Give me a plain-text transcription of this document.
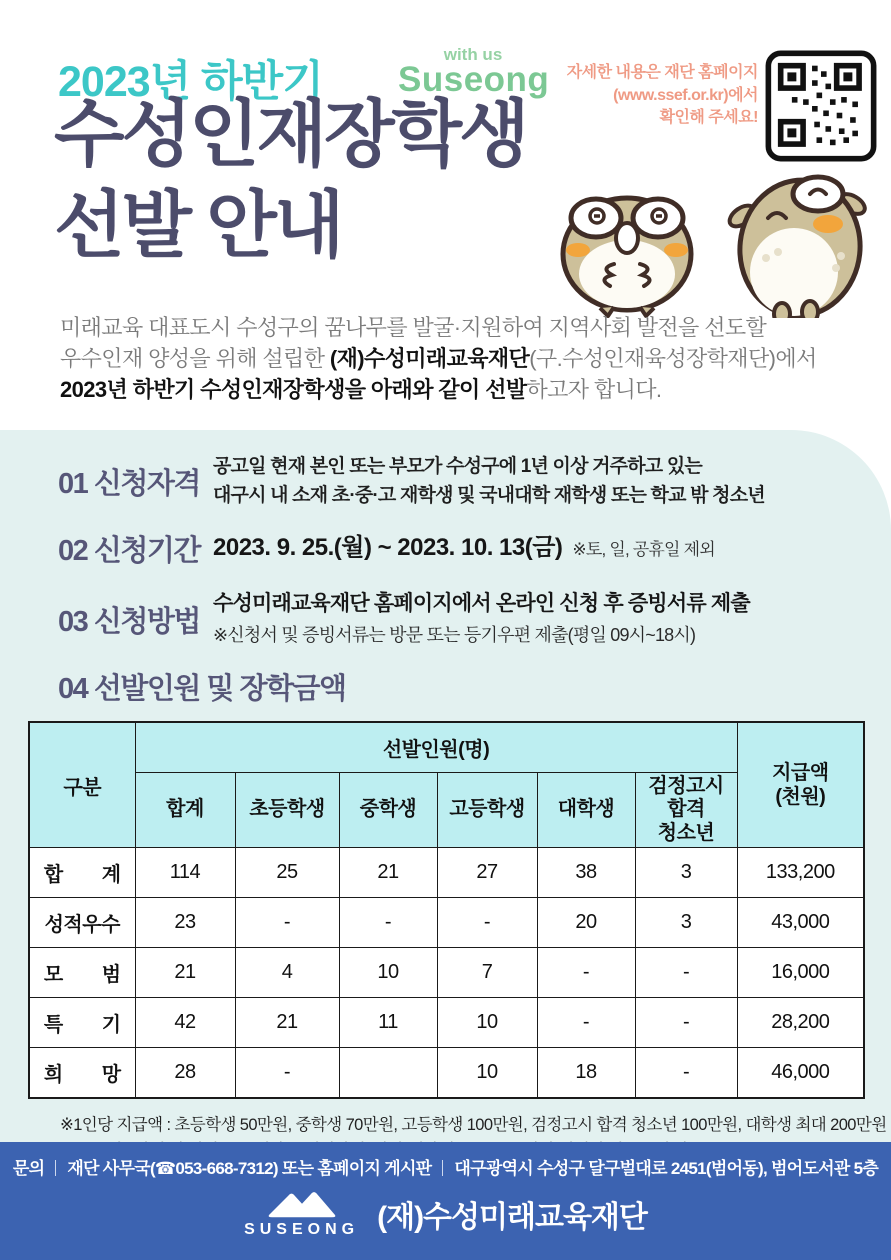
2023년 하반기
with us
Suseong	자세한 내용은 재단 홈페이지
(www.ssef.or.kr)에서
확인해 주세요!
수성인재장학생
선발 안내
미래교육 대표도시 수성구의 꿈나무를 발굴·지원하여 지역사회 발전을 선도할
우수인재 양성을 위해 설립한 (재)수성미래교육재단(구.수성인재육성장학재단)에서
2023년 하반기 수성인재장학생을 아래와 같이 선발하고자 합니다.
01 신청자격
공고일 현재 본인 또는 부모가 수성구에 1년 이상 거주하고 있는
대구시 내 소재 초·중·고 재학생 및 국내대학 재학생 또는 학교 밖 청소년
02 신청기간 2023. 9. 25.(월) ~ 2023. 10. 13(금) ※토, 일, 공휴일 제외
03 신청방법
수성미래교육재단 홈페이지에서 온라인 신청 후 증빙서류 제출
※신청서 및 증빙서류는 방문 또는 등기우편 제출(평일 09시~18시)
04 선발인원 및 장학금액
구분	선발인원(명)						지급액
(천원)

	합계	초등학생	중학생	고등학생	대학생	검정고시 합격 청소년	
합  계	114	25	21	27	38	3	133,200
성적우수	23	-	-	-	20	3	43,000
모  범	21	4	10	7	-	-	16,000
특  기	42	21	11	10	-	-	28,200
희  망	28	-		10	18	-	46,000
※1인당 지급액 : 초등학생 50만원, 중학생 70만원, 고등학생 100만원, 검정고시 합격 청소년 100만원, 대학생 최대 200만원
문의 재단 사무국(☎053-668-7312) 또는 홈페이지 게시판 대구광역시 수성구 달구벌대로 2451(범어동), 범어도서관 5층
SUSEONG (재)수성미래교육재단
